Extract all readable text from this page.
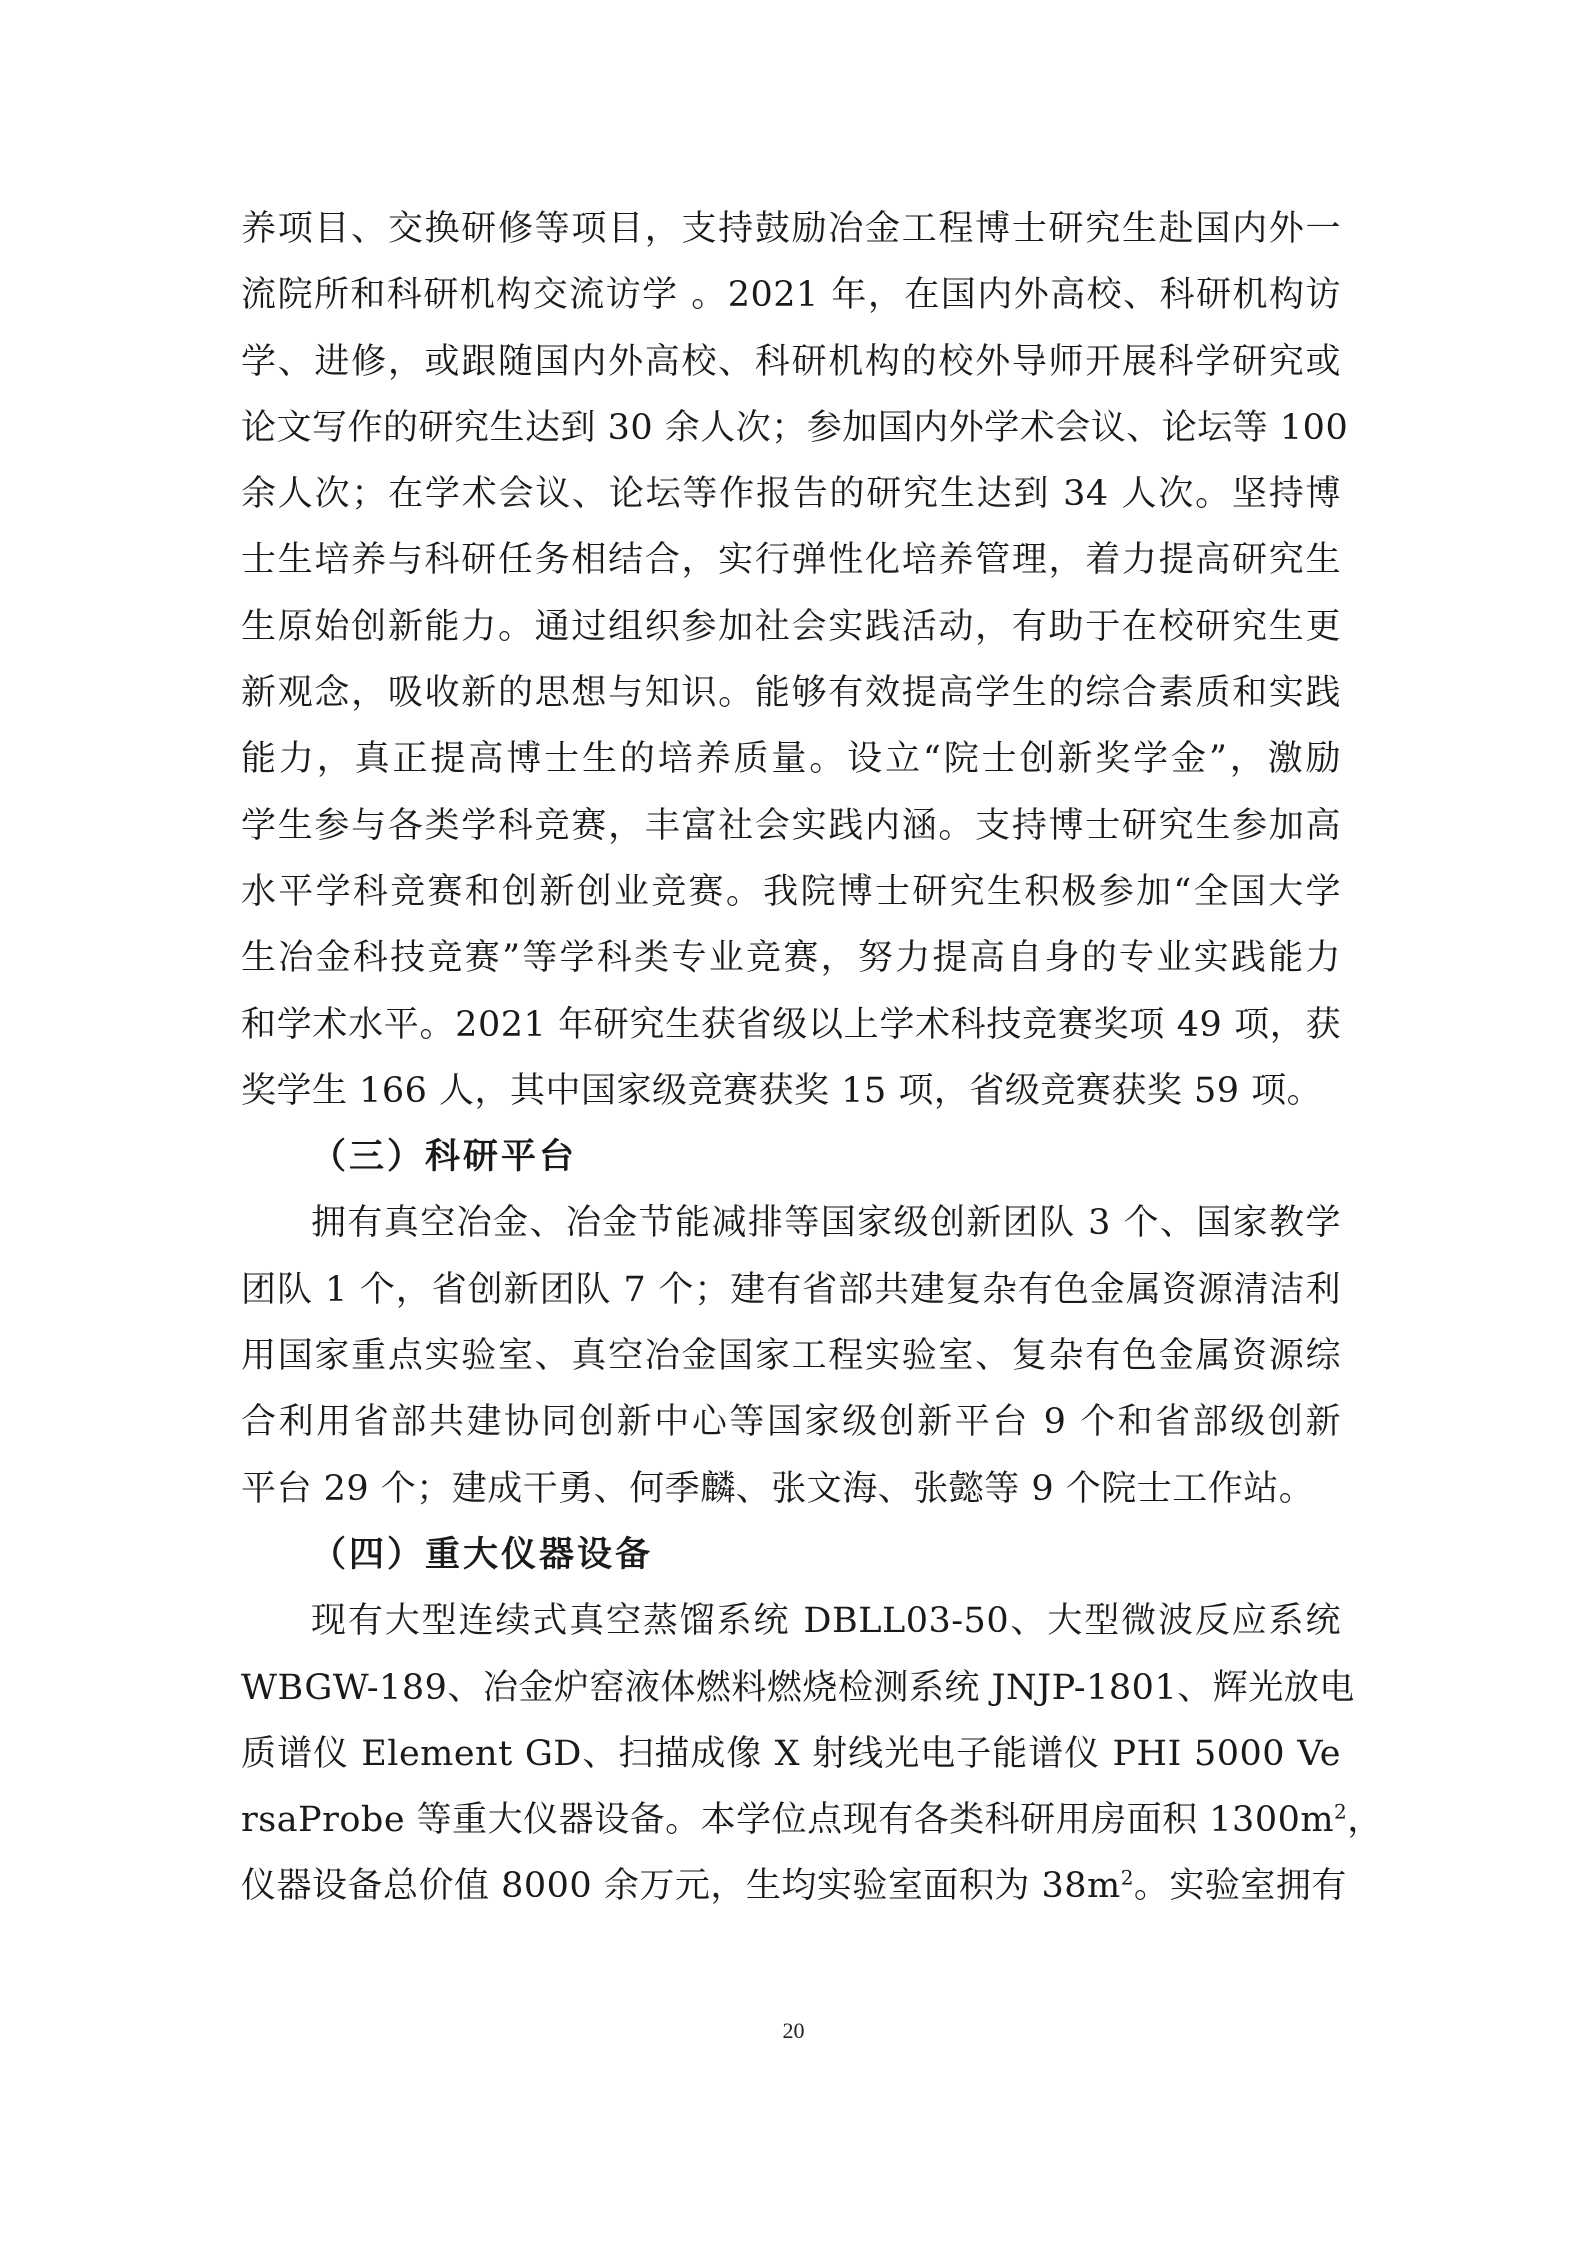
养项目、交换研修等项目，支持鼓励冶金工程博士研究生赴国内外一
流院所和科研机构交流访学 。2021 年，在国内外高校、科研机构访
学、进修，或跟随国内外高校、科研机构的校外导师开展科学研究或
论文写作的研究生达到 30 余人次；参加国内外学术会议、论坛等 100
余人次；在学术会议、论坛等作报告的研究生达到 34 人次。坚持博
士生培养与科研任务相结合，实行弹性化培养管理，着力提高研究生
生原始创新能力。通过组织参加社会实践活动，有助于在校研究生更
新观念，吸收新的思想与知识。能够有效提高学生的综合素质和实践
能力，真正提高博士生的培养质量。设立“院士创新奖学金”，激励
学生参与各类学科竞赛，丰富社会实践内涵。支持博士研究生参加高
水平学科竞赛和创新创业竞赛。我院博士研究生积极参加“全国大学
生冶金科技竞赛”等学科类专业竞赛，努力提高自身的专业实践能力
和学术水平。2021 年研究生获省级以上学术科技竞赛奖项 49 项，获
奖学生 166 人，其中国家级竞赛获奖 15 项，省级竞赛获奖 59 项。
（三）科研平台
拥有真空冶金、冶金节能减排等国家级创新团队 3 个、国家教学
团队 1 个，省创新团队 7 个；建有省部共建复杂有色金属资源清洁利
用国家重点实验室、真空冶金国家工程实验室、复杂有色金属资源综
合利用省部共建协同创新中心等国家级创新平台 9 个和省部级创新
平台 29 个；建成干勇、何季麟、张文海、张懿等 9 个院士工作站。
（四）重大仪器设备
现有大型连续式真空蒸馏系统 DBLL03-50、大型微波反应系统
WBGW-189、冶金炉窑液体燃料燃烧检测系统 JNJP-1801、辉光放电
质谱仪 Element GD、扫描成像 X 射线光电子能谱仪 PHI 5000 Ve
rsaProbe 等重大仪器设备。本学位点现有各类科研用房面积 $1300m^2$，
仪器设备总价值 8000 余万元，生均实验室面积为 $38m^2$。实验室拥有
20
